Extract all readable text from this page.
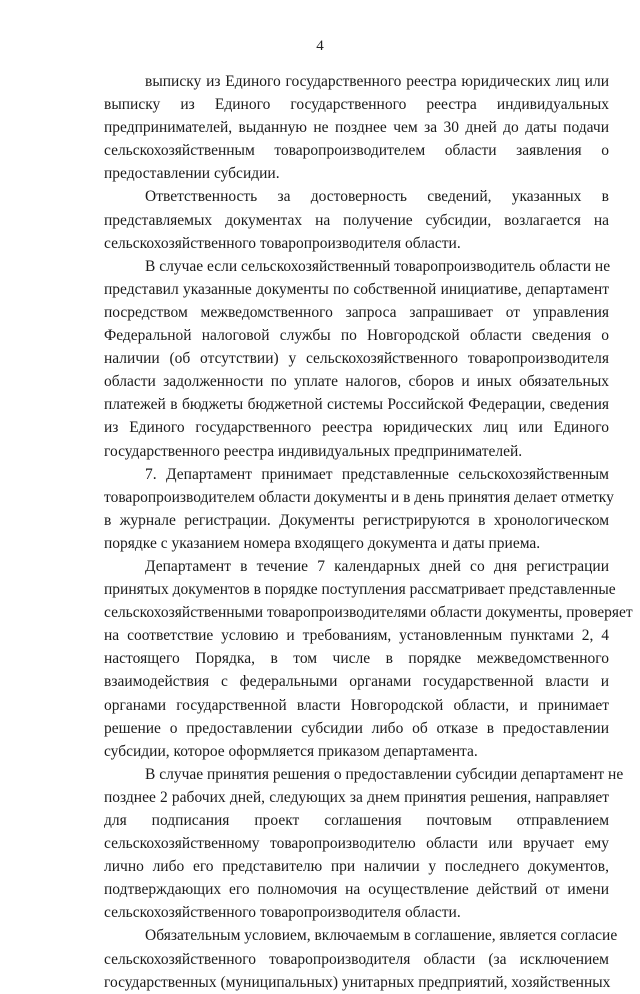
4
выписку из Единого государственного реестра юридических лиц или
выписку из Единого государственного реестра индивидуальных
предпринимателей, выданную не позднее чем за 30 дней до даты подачи
сельскохозяйственным товаропроизводителем области заявления о
предоставлении субсидии.
Ответственность за достоверность сведений, указанных в
представляемых документах на получение субсидии, возлагается на
сельскохозяйственного товаропроизводителя области.
В случае если сельскохозяйственный товаропроизводитель области не
представил указанные документы по собственной инициативе, департамент
посредством межведомственного запроса запрашивает от управления
Федеральной налоговой службы по Новгородской области сведения о
наличии (об отсутствии) у сельскохозяйственного товаропроизводителя
области задолженности по уплате налогов, сборов и иных обязательных
платежей в бюджеты бюджетной системы Российской Федерации, сведения
из Единого государственного реестра юридических лиц или Единого
государственного реестра индивидуальных предпринимателей.
7. Департамент принимает представленные сельскохозяйственным
товаропроизводителем области документы и в день принятия делает отметку
в журнале регистрации. Документы регистрируются в хронологическом
порядке с указанием номера входящего документа и даты приема.
Департамент в течение 7 календарных дней со дня регистрации
принятых документов в порядке поступления рассматривает представленные
сельскохозяйственными товаропроизводителями области документы, проверяет
на соответствие условию и требованиям, установленным пунктами 2, 4
настоящего Порядка, в том числе в порядке межведомственного
взаимодействия с федеральными органами государственной власти и
органами государственной власти Новгородской области, и принимает
решение о предоставлении субсидии либо об отказе в предоставлении
субсидии, которое оформляется приказом департамента.
В случае принятия решения о предоставлении субсидии департамент не
позднее 2 рабочих дней, следующих за днем принятия решения, направляет
для подписания проект соглашения почтовым отправлением
сельскохозяйственному товаропроизводителю области или вручает ему
лично либо его представителю при наличии у последнего документов,
подтверждающих его полномочия на осуществление действий от имени
сельскохозяйственного товаропроизводителя области.
Обязательным условием, включаемым в соглашение, является согласие
сельскохозяйственного товаропроизводителя области (за исключением
государственных (муниципальных) унитарных предприятий, хозяйственных
